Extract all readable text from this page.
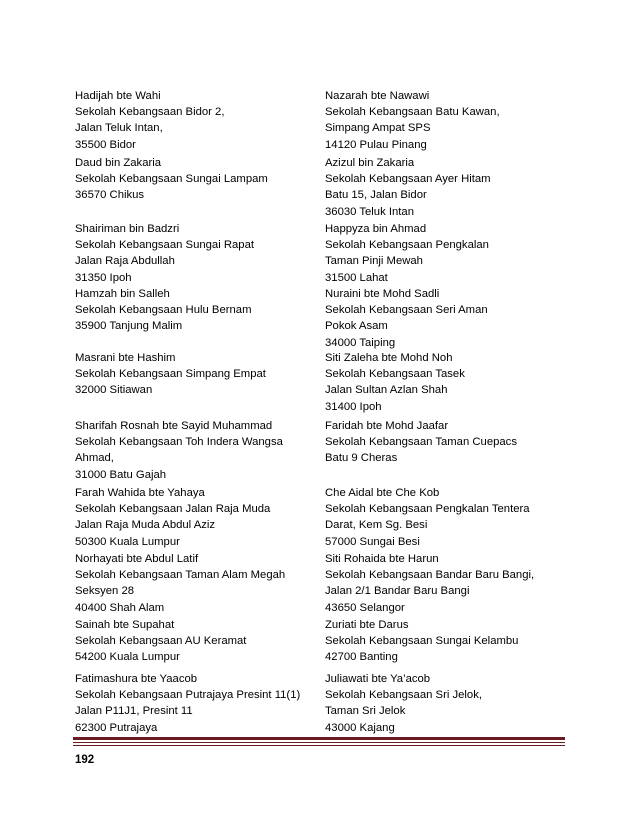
Hadijah bte Wahi
Sekolah Kebangsaan Bidor 2,
Jalan Teluk Intan,
35500 Bidor
Daud bin Zakaria
Sekolah Kebangsaan Sungai Lampam
36570 Chikus
Shairiman bin Badzri
Sekolah Kebangsaan Sungai Rapat
Jalan Raja Abdullah
31350 Ipoh
Hamzah bin Salleh
Sekolah Kebangsaan Hulu Bernam
35900 Tanjung Malim
Masrani bte Hashim
Sekolah Kebangsaan Simpang Empat
32000 Sitiawan
Sharifah Rosnah bte Sayid Muhammad
Sekolah Kebangsaan Toh Indera Wangsa
Ahmad,
31000 Batu Gajah
Farah Wahida bte Yahaya
Sekolah Kebangsaan Jalan Raja Muda
Jalan Raja Muda Abdul Aziz
50300 Kuala Lumpur
Norhayati bte Abdul Latif
Sekolah Kebangsaan Taman Alam Megah
Seksyen 28
40400 Shah Alam
Sainah bte Supahat
Sekolah Kebangsaan AU Keramat
54200 Kuala Lumpur
Fatimashura bte Yaacob
Sekolah Kebangsaan Putrajaya Presint 11(1)
Jalan P11J1, Presint 11
62300 Putrajaya
Nazarah bte Nawawi
Sekolah Kebangsaan Batu Kawan,
Simpang Ampat SPS
14120 Pulau Pinang
Azizul bin Zakaria
Sekolah Kebangsaan Ayer Hitam
Batu 15, Jalan Bidor
36030 Teluk Intan
Happyza bin Ahmad
Sekolah Kebangsaan Pengkalan
Taman Pinji Mewah
31500 Lahat
Nuraini bte Mohd Sadli
Sekolah Kebangsaan Seri Aman
Pokok Asam
34000 Taiping
Siti Zaleha bte Mohd Noh
Sekolah Kebangsaan Tasek
Jalan Sultan Azlan Shah
31400 Ipoh
Faridah bte Mohd Jaafar
Sekolah Kebangsaan Taman Cuepacs
Batu 9 Cheras
Che Aidal bte Che Kob
Sekolah Kebangsaan Pengkalan Tentera
Darat, Kem Sg. Besi
57000 Sungai Besi
Siti Rohaida bte Harun
Sekolah Kebangsaan Bandar Baru Bangi,
Jalan 2/1 Bandar Baru Bangi
43650 Selangor
Zuriati bte Darus
Sekolah Kebangsaan Sungai Kelambu
42700 Banting
Juliawati bte Ya’acob
Sekolah Kebangsaan Sri Jelok,
Taman Sri Jelok
43000 Kajang
192
